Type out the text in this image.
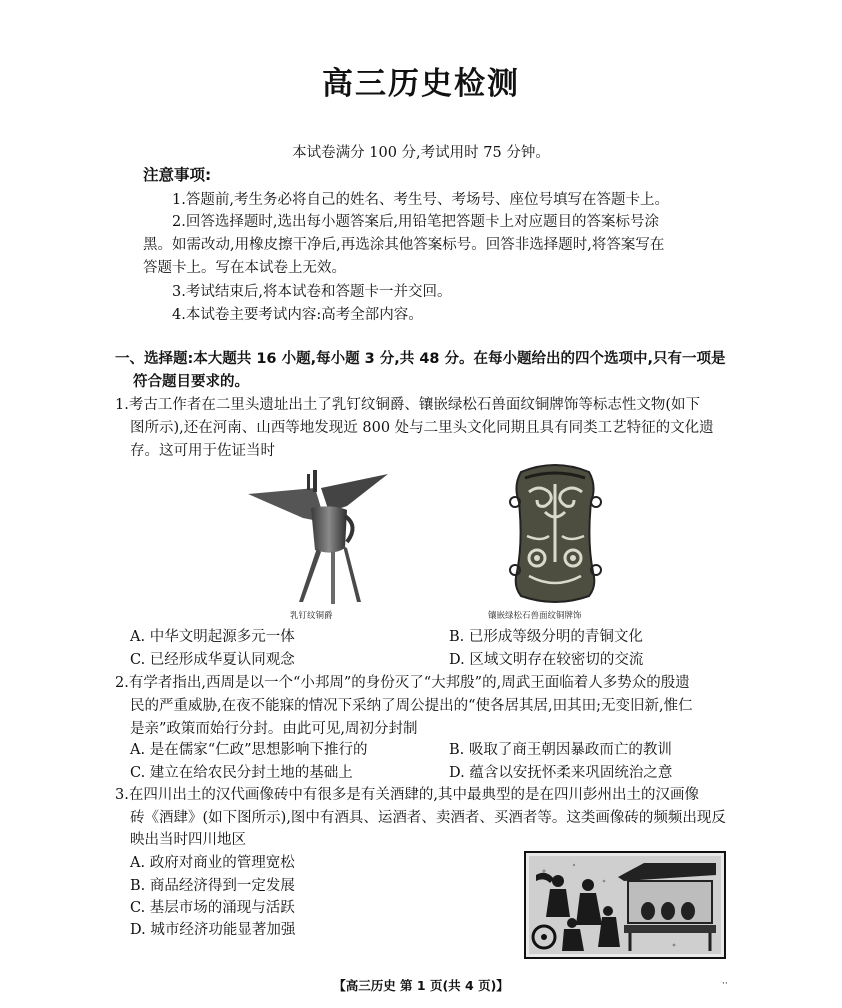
高三历史检测
本试卷满分 100 分,考试用时 75 分钟。
注意事项:
1.答题前,考生务必将自己的姓名、考生号、考场号、座位号填写在答题卡上。
2.回答选择题时,选出每小题答案后,用铅笔把答题卡上对应题目的答案标号涂
黑。如需改动,用橡皮擦干净后,再选涂其他答案标号。回答非选择题时,将答案写在
答题卡上。写在本试卷上无效。
3.考试结束后,将本试卷和答题卡一并交回。
4.本试卷主要考试内容:高考全部内容。
一、选择题:本大题共 16 小题,每小题 3 分,共 48 分。在每小题给出的四个选项中,只有一项是
符合题目要求的。
1.考古工作者在二里头遗址出土了乳钉纹铜爵、镶嵌绿松石兽面纹铜牌饰等标志性文物(如下
图所示),还在河南、山西等地发现近 800 处与二里头文化同期且具有同类工艺特征的文化遗
存。这可用于佐证当时
乳钉纹铜爵	镶嵌绿松石兽面纹铜牌饰
A. 中华文明起源多元一体	B. 已形成等级分明的青铜文化
C. 已经形成华夏认同观念	D. 区域文明存在较密切的交流
2.有学者指出,西周是以一个“小邦周”的身份灭了“大邦殷”的,周武王面临着人多势众的殷遗
民的严重威胁,在夜不能寐的情况下采纳了周公提出的“使各居其居,田其田;无变旧新,惟仁
是亲”政策而始行分封。由此可见,周初分封制
A. 是在儒家“仁政”思想影响下推行的	B. 吸取了商王朝因暴政而亡的教训
C. 建立在给农民分封土地的基础上	D. 蕴含以安抚怀柔来巩固统治之意
3.在四川出土的汉代画像砖中有很多是有关酒肆的,其中最典型的是在四川彭州出土的汉画像
砖《酒肆》(如下图所示),图中有酒具、运酒者、卖酒者、买酒者等。这类画像砖的频频出现反
映出当时四川地区
A. 政府对商业的管理宽松
B. 商品经济得到一定发展
C. 基层市场的涌现与活跃
D. 城市经济功能显著加强
【高三历史 第 1 页(共 4 页)】	··
